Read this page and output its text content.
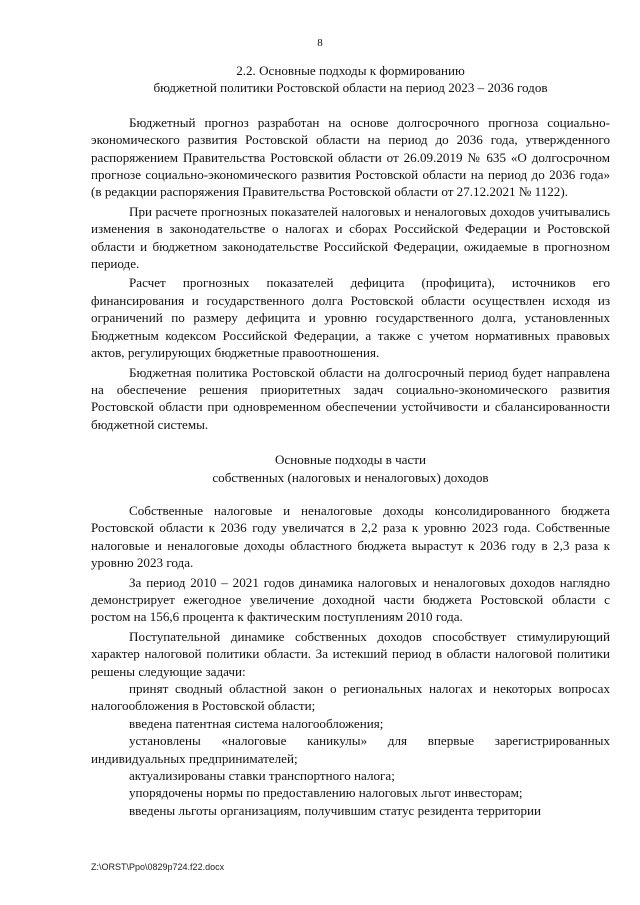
8

2.2. Основные подходы к формированию

бюджетной политики Ростовской области на период 2023 – 2036 годов

Бюджетный прогноз разработан на основе долгосрочного прогноза социально-экономического развития Ростовской области на период до 2036 года, утвержденного распоряжением Правительства Ростовской области от 26.09.2019 № 635 «О долгосрочном прогнозе социально-экономического развития Ростовской области на период до 2036 года» (в редакции распоряжения Правительства Ростовской области от 27.12.2021 № 1122).

При расчете прогнозных показателей налоговых и неналоговых доходов учитывались изменения в законодательстве о налогах и сборах Российской Федерации и Ростовской области и бюджетном законодательстве Российской Федерации, ожидаемые в прогнозном периоде.

Расчет прогнозных показателей дефицита (профицита), источников его финансирования и государственного долга Ростовской области осуществлен исходя из ограничений по размеру дефицита и уровню государственного долга, установленных Бюджетным кодексом Российской Федерации, а также с учетом нормативных правовых актов, регулирующих бюджетные правоотношения.

Бюджетная политика Ростовской области на долгосрочный период будет направлена на обеспечение решения приоритетных задач социально-экономического развития Ростовской области при одновременном обеспечении устойчивости и сбалансированности бюджетной системы.

Основные подходы в части

собственных (налоговых и неналоговых) доходов

Собственные налоговые и неналоговые доходы консолидированного бюджета Ростовской области к 2036 году увеличатся в 2,2 раза к уровню 2023 года. Собственные налоговые и неналоговые доходы областного бюджета вырастут к 2036 году в 2,3 раза к уровню 2023 года.

За период 2010 – 2021 годов динамика налоговых и неналоговых доходов наглядно демонстрирует ежегодное увеличение доходной части бюджета Ростовской области с ростом на 156,6 процента к фактическим поступлениям 2010 года.

Поступательной динамике собственных доходов способствует стимулирующий характер налоговой политики области. За истекший период в области налоговой политики решены следующие задачи:

принят сводный областной закон о региональных налогах и некоторых вопросах налогообложения в Ростовской области;

введена патентная система налогообложения;

установлены «налоговые каникулы» для впервые зарегистрированных индивидуальных предпринимателей;

актуализированы ставки транспортного налога;

упорядочены нормы по предоставлению налоговых льгот инвесторам;

введены льготы организациям, получившим статус резидента территории

Z:\ORST\Ppo\0829p724.f22.docx
